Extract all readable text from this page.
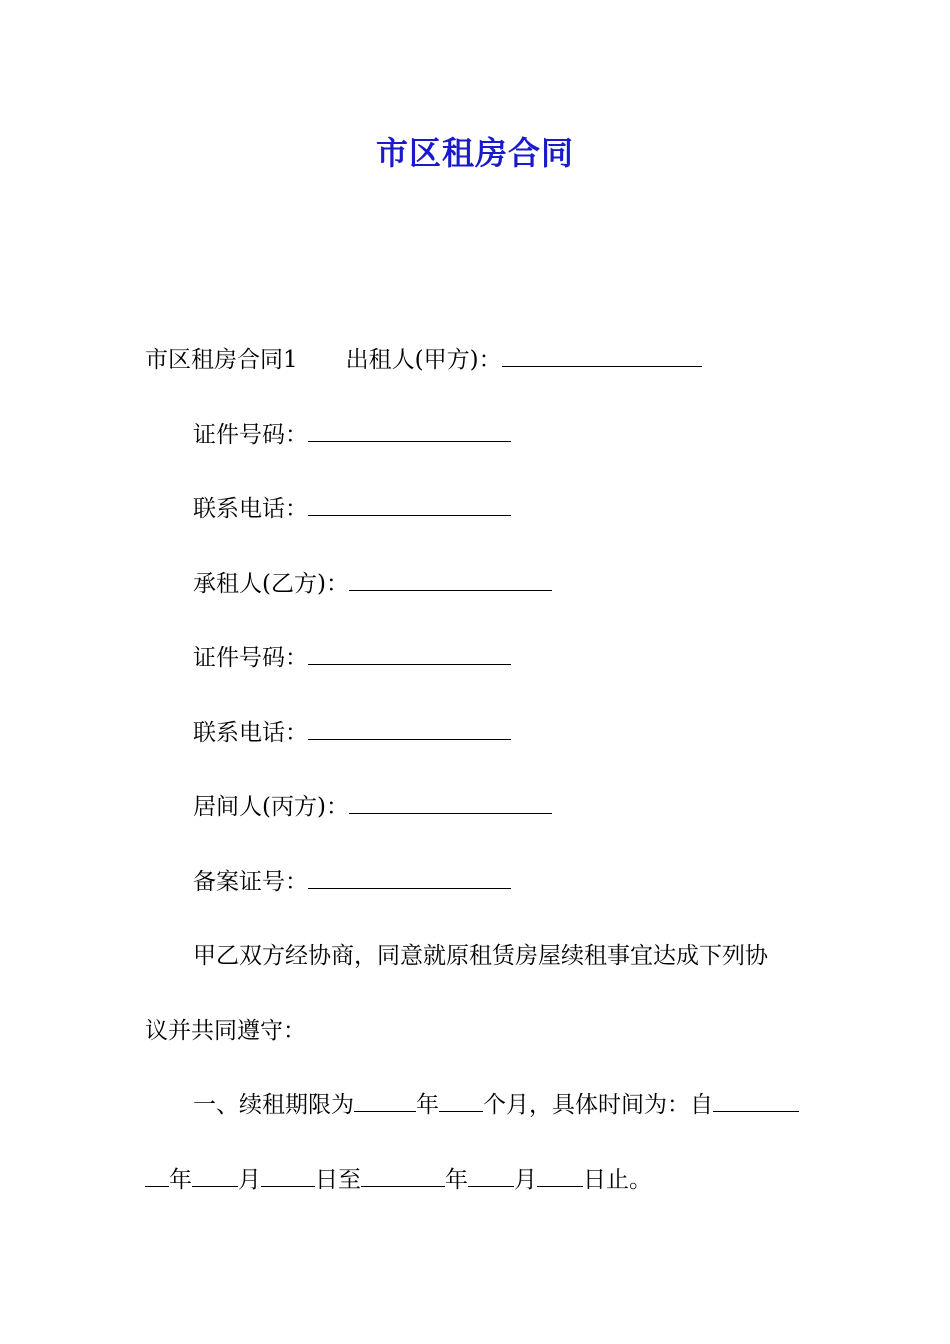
市区租房合同
市区租房合同1 出租人(甲方)：
证件号码：
联系电话：
承租人(乙方)：
证件号码：
联系电话：
居间人(丙方)：
备案证号：
甲乙双方经协商，同意就原租赁房屋续租事宜达成下列协
议并共同遵守：
一、续租期限为	年 个月，具体时间为：自
年 月 日至	年 月 日止。
